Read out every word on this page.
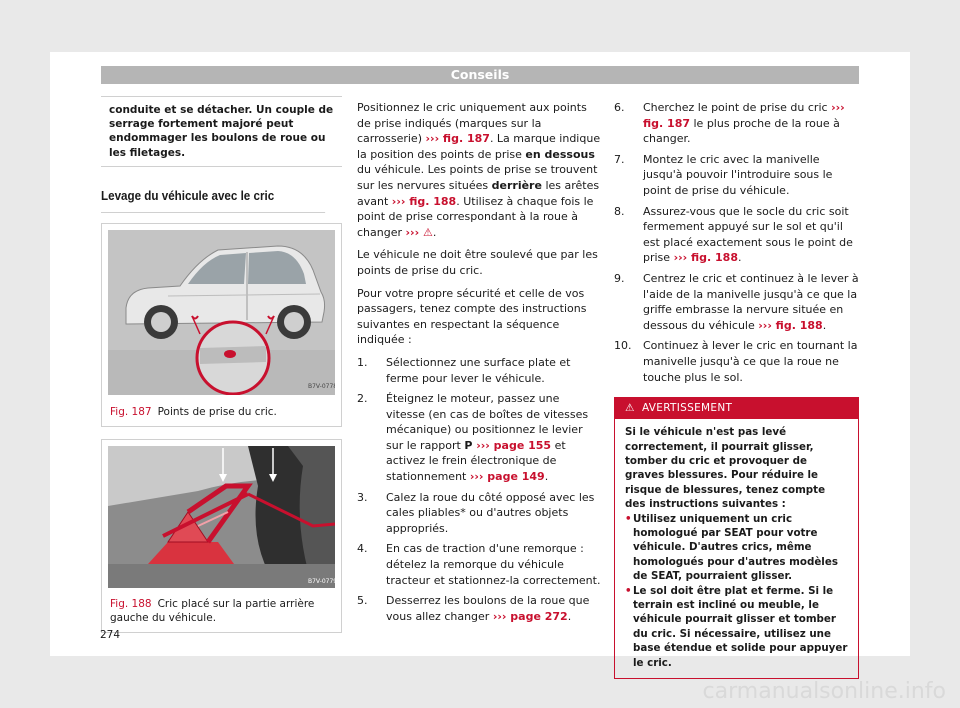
Conseils
conduite et se détacher. Un couple de serrage fortement majoré peut endommager les boulons de roue ou les filetages.
Levage du véhicule avec le cric
B7V-0778
Fig. 187 Points de prise du cric.
B7V-0779
Fig. 188 Cric placé sur la partie arrière gauche du véhicule.

Positionnez le cric uniquement aux points de prise indiqués (marques sur la carrosserie) ››› fig. 187. La marque indique la position des points de prise en dessous du véhicule. Les points de prise se trouvent sur les nervures situées derrière les arêtes avant ››› fig. 188. Utilisez à chaque fois le point de prise correspondant à la roue à changer ››› ⚠.

Le véhicule ne doit être soulevé que par les points de prise du cric.

Pour votre propre sécurité et celle de vos passagers, tenez compte des instructions suivantes en respectant la séquence indiquée :

1. Sélectionnez une surface plate et ferme pour lever le véhicule.
2. Éteignez le moteur, passez une vitesse (en cas de boîtes de vitesses mécanique) ou positionnez le levier sur le rapport P ››› page 155 et activez le frein électronique de stationnement ››› page 149.
3. Calez la roue du côté opposé avec les cales pliables* ou d'autres objets appropriés.
4. En cas de traction d'une remorque : dételez la remorque du véhicule tracteur et stationnez-la correctement.
5. Desserrez les boulons de la roue que vous allez changer ››› page 272.
6. Cherchez le point de prise du cric ››› fig. 187 le plus proche de la roue à changer.
7. Montez le cric avec la manivelle jusqu'à pouvoir l'introduire sous le point de prise du véhicule.
8. Assurez-vous que le socle du cric soit fermement appuyé sur le sol et qu'il est placé exactement sous le point de prise ››› fig. 188.
9. Centrez le cric et continuez à le lever à l'aide de la manivelle jusqu'à ce que la griffe embrasse la nervure située en dessous du véhicule ››› fig. 188.
10. Continuez à lever le cric en tournant la manivelle jusqu'à ce que la roue ne touche plus le sol.
⚠ AVERTISSEMENT
Si le véhicule n'est pas levé correctement, il pourrait glisser, tomber du cric et provoquer de graves blessures. Pour réduire le risque de blessures, tenez compte des instructions suivantes :
• Utilisez uniquement un cric homologué par SEAT pour votre véhicule. D'autres crics, même homologués pour d'autres modèles de SEAT, pourraient glisser.
• Le sol doit être plat et ferme. Si le terrain est incliné ou meuble, le véhicule pourrait glisser et tomber du cric. Si nécessaire, utilisez une base étendue et solide pour appuyer le cric.
274
carmanualsonline.info
